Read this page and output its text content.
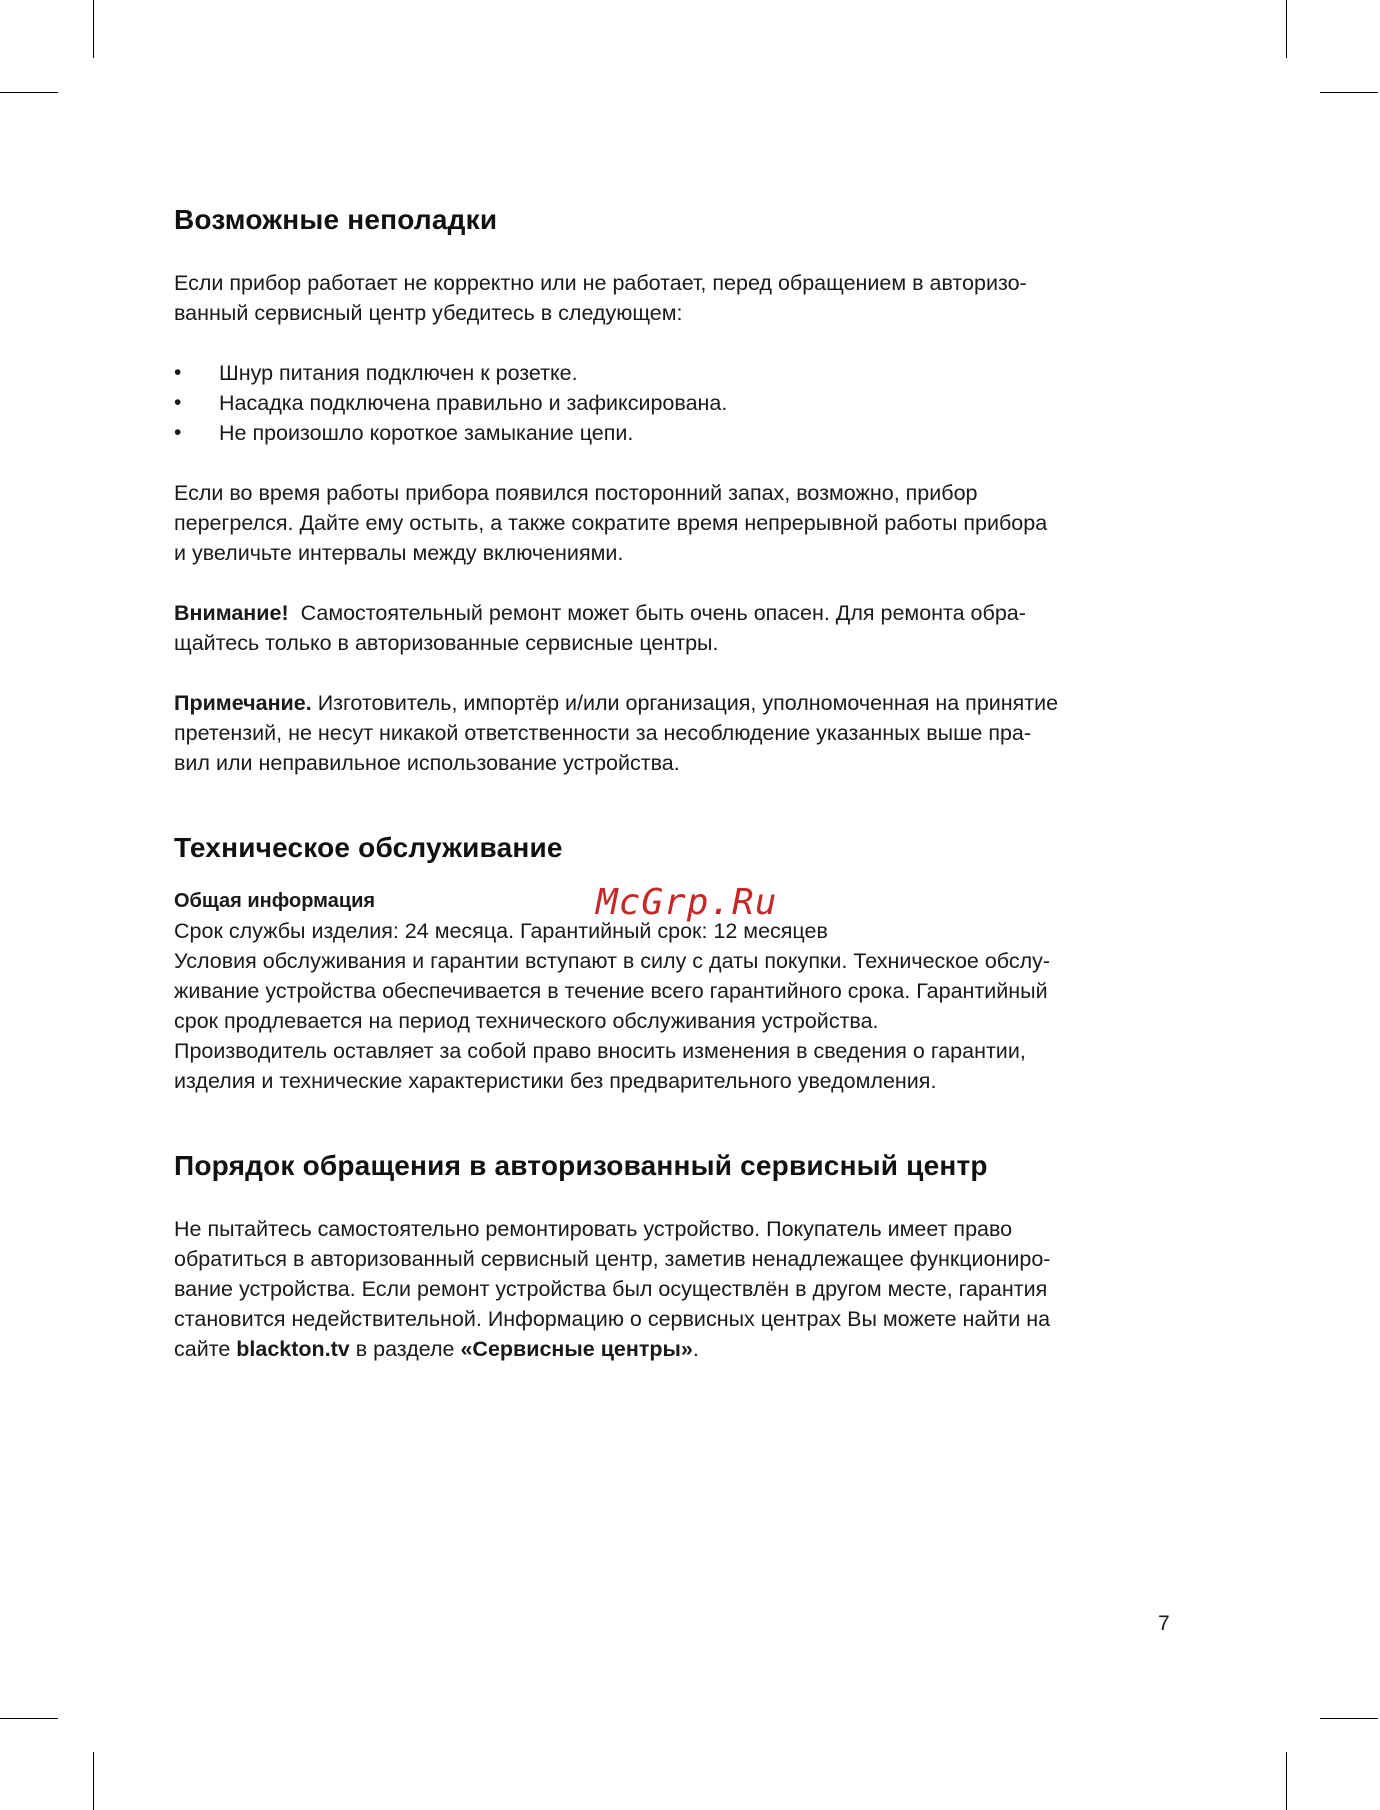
Возможные неполадки

Если прибор работает не корректно или не работает, перед обращением в авторизо-
ванный сервисный центр убедитесь в следующем:

• Шнур питания подключен к розетке.
• Насадка подключена правильно и зафиксирована.
• Не произошло короткое замыкание цепи.

Если во время работы прибора появился посторонний запах, возможно, прибор
перегрелся. Дайте ему остыть, а также сократите время непрерывной работы прибора
и увеличьте интервалы между включениями.

Внимание! Самостоятельный ремонт может быть очень опасен. Для ремонта обра-
щайтесь только в авторизованные сервисные центры.

Примечание. Изготовитель, импортёр и/или организация, уполномоченная на принятие
претензий, не несут никакой ответственности за несоблюдение указанных выше пра-
вил или неправильное использование устройства.

Техническое обслуживание
Общая информация

Срок службы изделия: 24 месяца. Гарантийный срок: 12 месяцев
Условия обслуживания и гарантии вступают в силу с даты покупки. Техническое обслу-
живание устройства обеспечивается в течение всего гарантийного срока. Гарантийный
срок продлевается на период технического обслуживания устройства.
Производитель оставляет за собой право вносить изменения в сведения о гарантии,
изделия и технические характеристики без предварительного уведомления.

Порядок обращения в авторизованный сервисный центр

Не пытайтесь самостоятельно ремонтировать устройство. Покупатель имеет право
обратиться в авторизованный сервисный центр, заметив ненадлежащее функциониро-
вание устройства. Если ремонт устройства был осуществлён в другом месте, гарантия
становится недействительной. Информацию о сервисных центрах Вы можете найти на
сайте blackton.tv в разделе «Сервисные центры».

McGrp.Ru
7
